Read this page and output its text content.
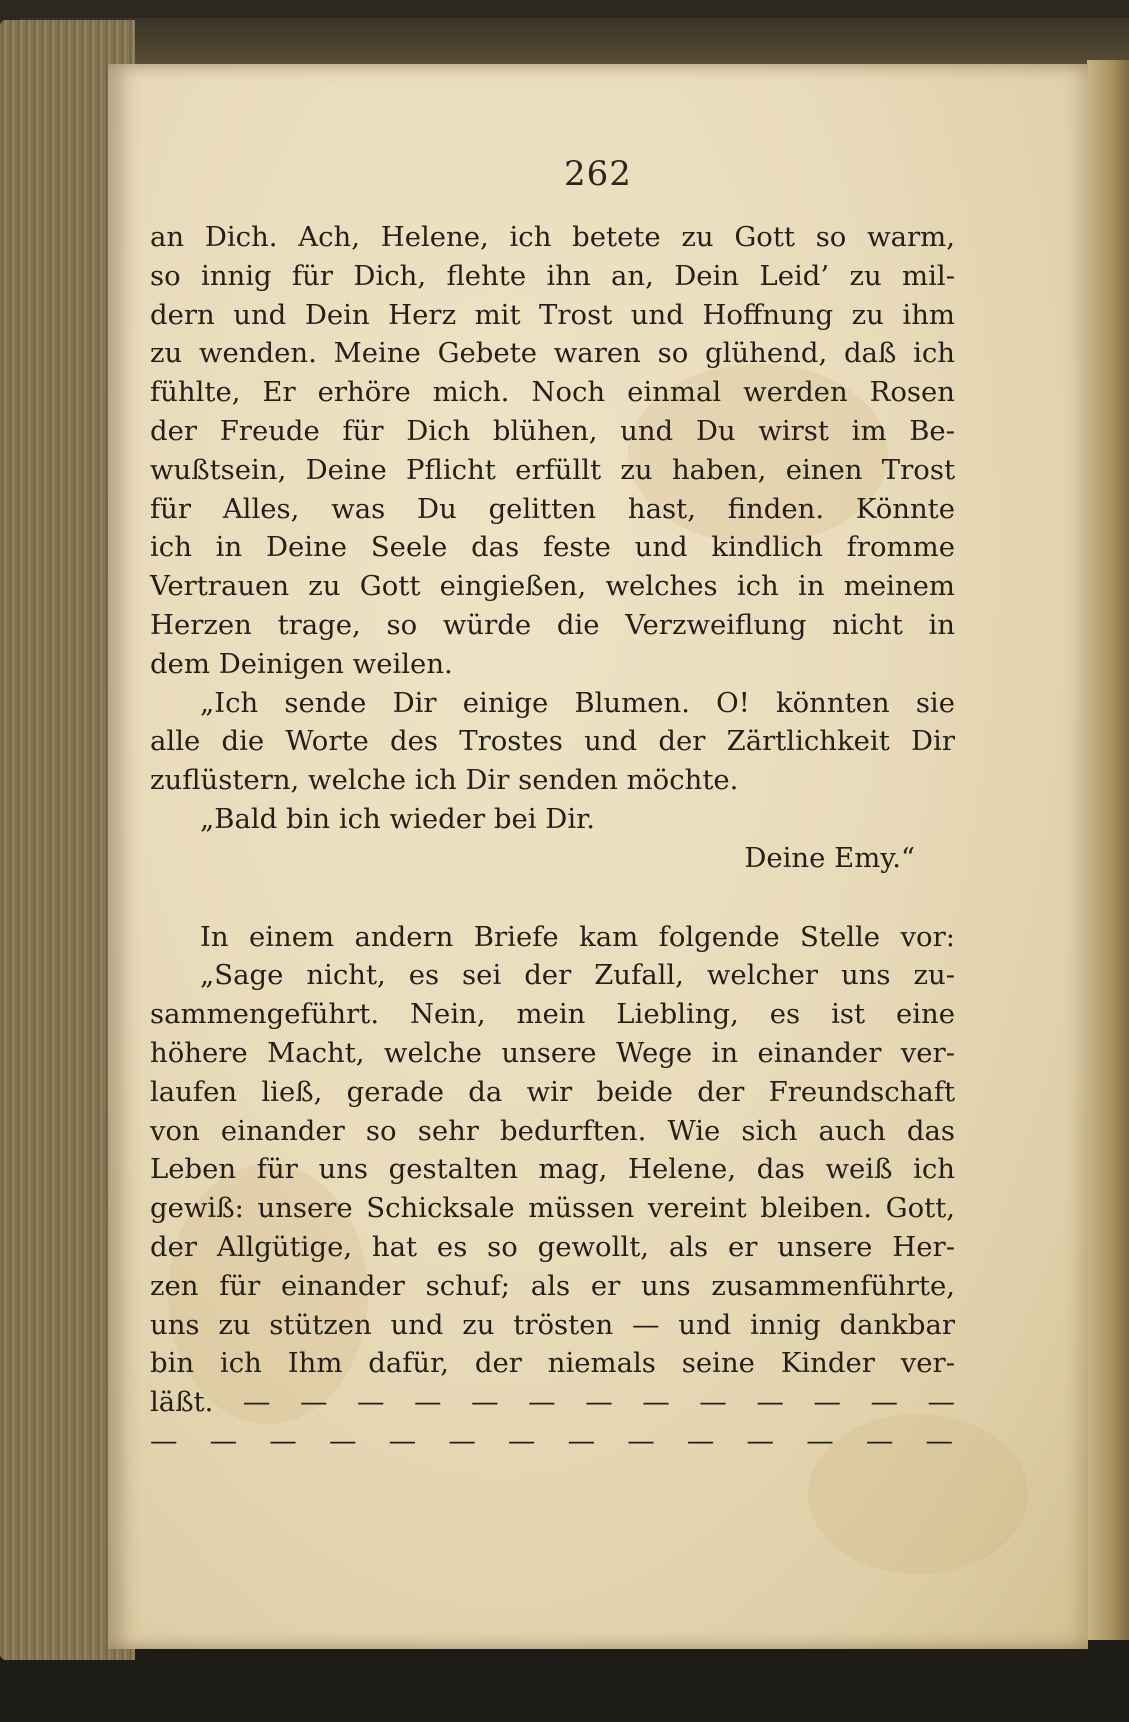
262
an Dich. Ach, Helene, ich betete zu Gott so warm,
so innig für Dich, flehte ihn an, Dein Leid’ zu mil-
dern und Dein Herz mit Trost und Hoffnung zu ihm
zu wenden. Meine Gebete waren so glühend, daß ich
fühlte, Er erhöre mich. Noch einmal werden Rosen
der Freude für Dich blühen, und Du wirst im Be-
wußtsein, Deine Pflicht erfüllt zu haben, einen Trost
für Alles, was Du gelitten hast, finden. Könnte
ich in Deine Seele das feste und kindlich fromme
Vertrauen zu Gott eingießen, welches ich in meinem
Herzen trage, so würde die Verzweiflung nicht in
dem Deinigen weilen.
„Ich sende Dir einige Blumen. O! könnten sie
alle die Worte des Trostes und der Zärtlichkeit Dir
zuflüstern, welche ich Dir senden möchte.
„Bald bin ich wieder bei Dir.
Deine Emy.“
In einem andern Briefe kam folgende Stelle vor:
„Sage nicht, es sei der Zufall, welcher uns zu-
sammengeführt. Nein, mein Liebling, es ist eine
höhere Macht, welche unsere Wege in einander ver-
laufen ließ, gerade da wir beide der Freundschaft
von einander so sehr bedurften. Wie sich auch das
Leben für uns gestalten mag, Helene, das weiß ich
gewiß: unsere Schicksale müssen vereint bleiben. Gott,
der Allgütige, hat es so gewollt, als er unsere Her-
zen für einander schuf; als er uns zusammenführte,
uns zu stützen und zu trösten — und innig dankbar
bin ich Ihm dafür, der niemals seine Kinder ver-
läßt. — — — — — — — — — — — — —
— — — — — — — — — — — — — —
